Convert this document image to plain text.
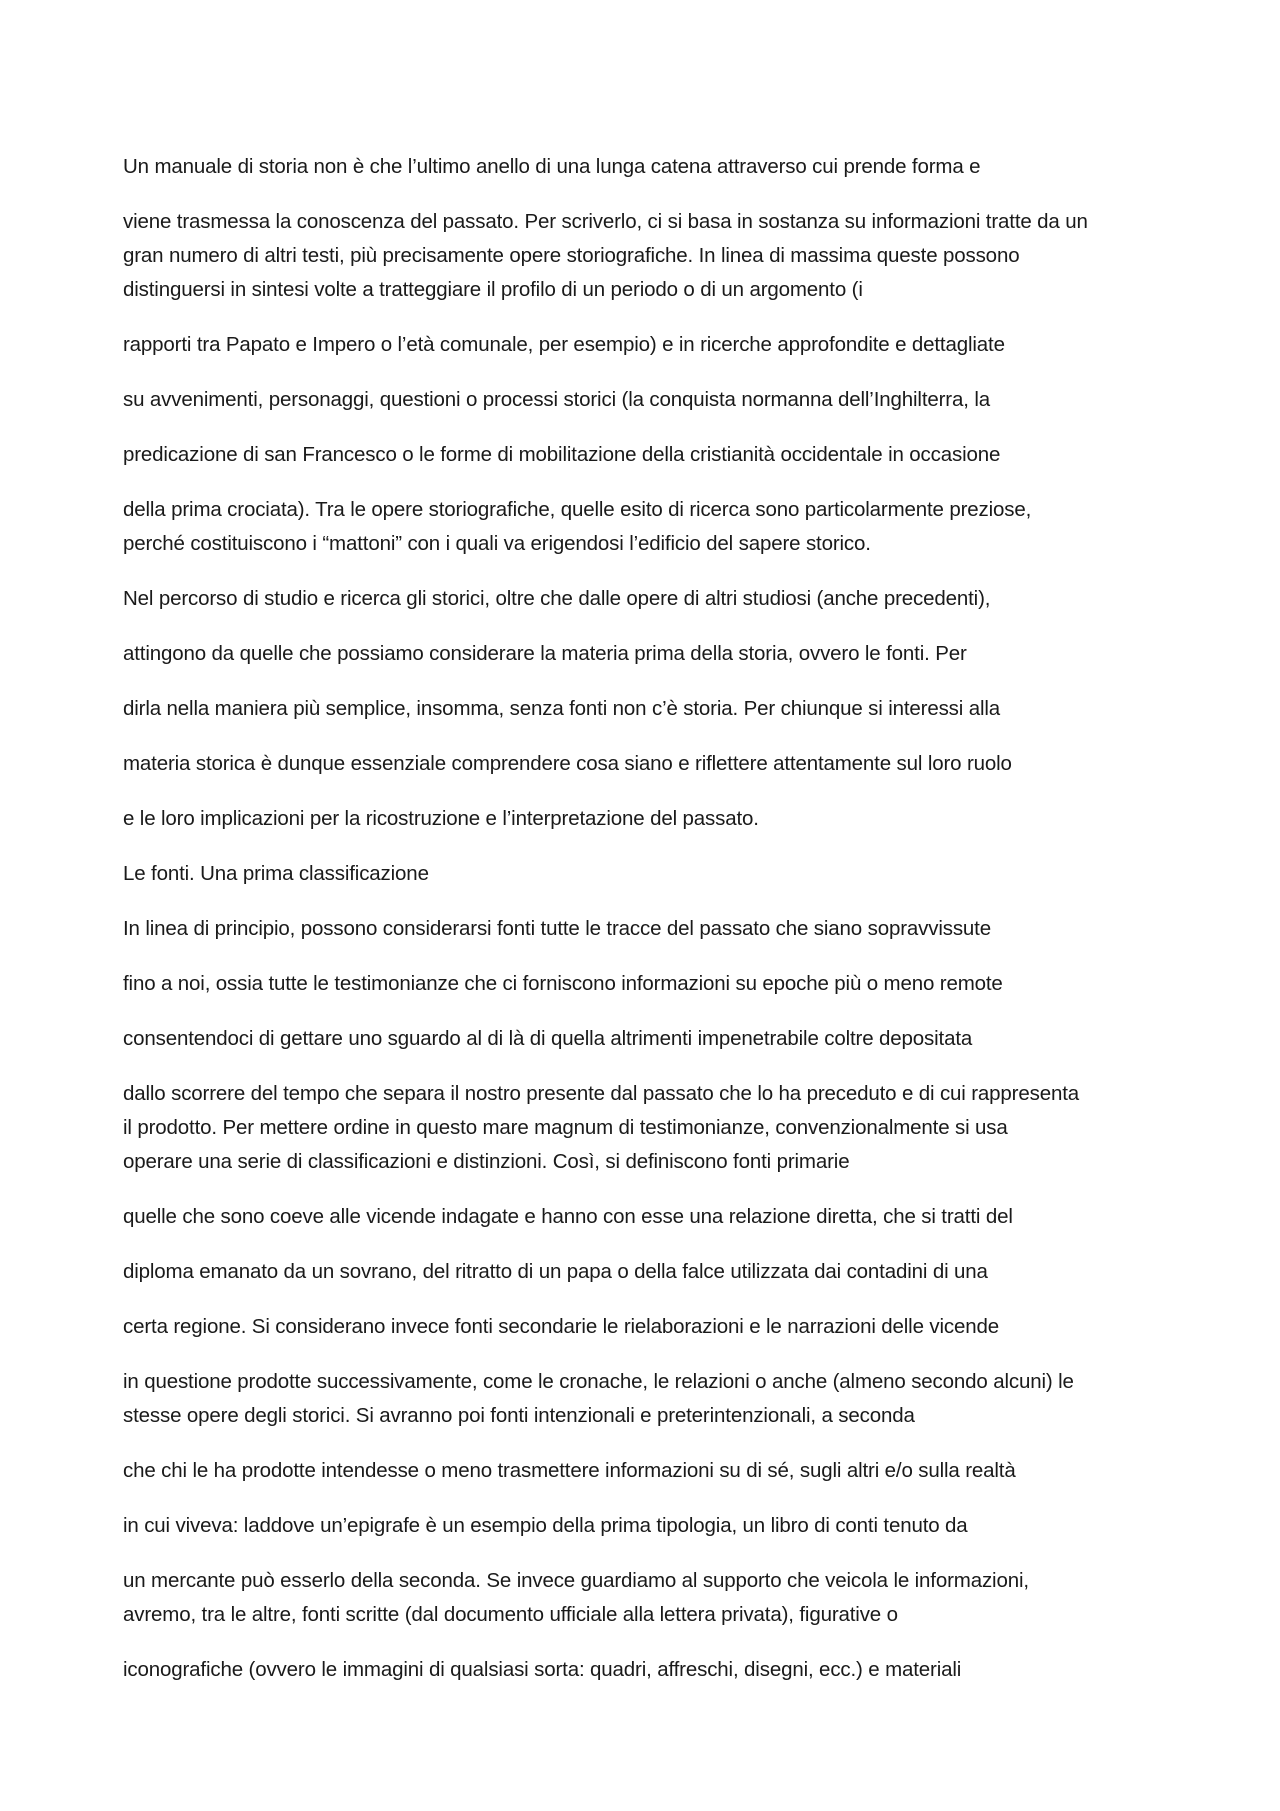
Un manuale di storia non è che l’ultimo anello di una lunga catena attraverso cui prende forma e

viene trasmessa la conoscenza del passato. Per scriverlo, ci si basa in sostanza su informazioni tratte da un

gran numero di altri testi, più precisamente opere storiografiche. In linea di massima queste possono

distinguersi in sintesi volte a tratteggiare il profilo di un periodo o di un argomento (i

rapporti tra Papato e Impero o l’età comunale, per esempio) e in ricerche approfondite e dettagliate

su avvenimenti, personaggi, questioni o processi storici (la conquista normanna dell’Inghilterra, la

predicazione di san Francesco o le forme di mobilitazione della cristianità occidentale in occasione

della prima crociata). Tra le opere storiografiche, quelle esito di ricerca sono particolarmente preziose,

perché costituiscono i “mattoni” con i quali va erigendosi l’edificio del sapere storico.

Nel percorso di studio e ricerca gli storici, oltre che dalle opere di altri studiosi (anche precedenti),

attingono da quelle che possiamo considerare la materia prima della storia, ovvero le fonti. Per

dirla nella maniera più semplice, insomma, senza fonti non c’è storia. Per chiunque si interessi alla

materia storica è dunque essenziale comprendere cosa siano e riflettere attentamente sul loro ruolo

e le loro implicazioni per la ricostruzione e l’interpretazione del passato.

Le fonti. Una prima classificazione

In linea di principio, possono considerarsi fonti tutte le tracce del passato che siano sopravvissute

fino a noi, ossia tutte le testimonianze che ci forniscono informazioni su epoche più o meno remote

consentendoci di gettare uno sguardo al di là di quella altrimenti impenetrabile coltre depositata

dallo scorrere del tempo che separa il nostro presente dal passato che lo ha preceduto e di cui rappresenta

il prodotto. Per mettere ordine in questo mare magnum di testimonianze, convenzionalmente si usa

operare una serie di classificazioni e distinzioni. Così, si definiscono fonti primarie

quelle che sono coeve alle vicende indagate e hanno con esse una relazione diretta, che si tratti del

diploma emanato da un sovrano, del ritratto di un papa o della falce utilizzata dai contadini di una

certa regione. Si considerano invece fonti secondarie le rielaborazioni e le narrazioni delle vicende

in questione prodotte successivamente, come le cronache, le relazioni o anche (almeno secondo alcuni) le

stesse opere degli storici. Si avranno poi fonti intenzionali e preterintenzionali, a seconda

che chi le ha prodotte intendesse o meno trasmettere informazioni su di sé, sugli altri e/o sulla realtà

in cui viveva: laddove un’epigrafe è un esempio della prima tipologia, un libro di conti tenuto da

un mercante può esserlo della seconda. Se invece guardiamo al supporto che veicola le informazioni,

avremo, tra le altre, fonti scritte (dal documento ufficiale alla lettera privata), figurative o

iconografiche (ovvero le immagini di qualsiasi sorta: quadri, affreschi, disegni, ecc.) e materiali
